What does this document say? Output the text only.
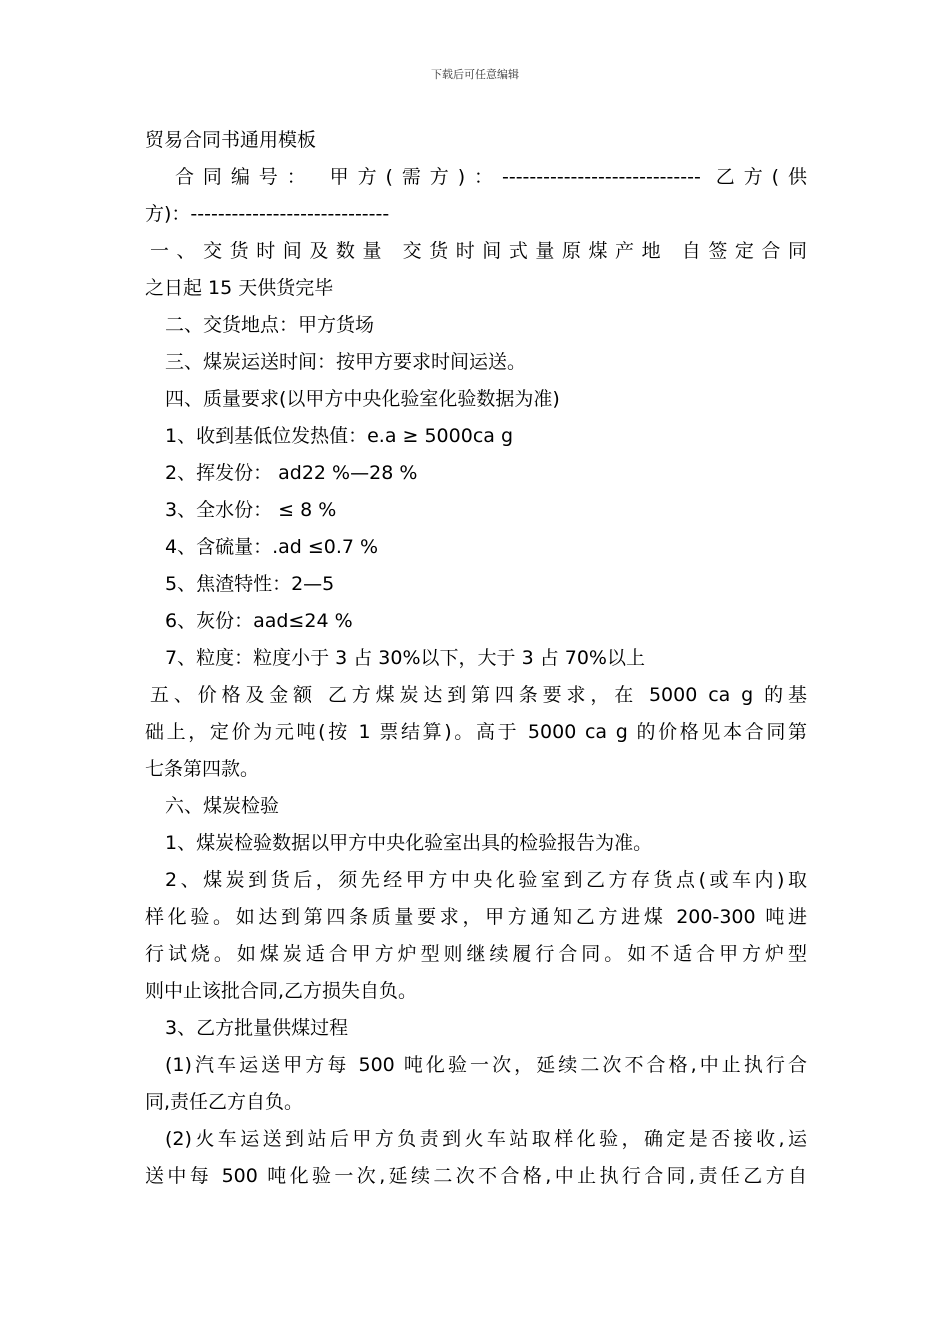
下载后可任意编辑
贸易合同书通用模板
合同编号： 甲方(需方)：----------------------------- 乙方(供
方)：-----------------------------
一、交货时间及数量 交货时间式量原煤产地 自签定合同
之日起 15 天供货完毕
二、交货地点：甲方货场
三、煤炭运送时间：按甲方要求时间运送。
四、质量要求(以甲方中央化验室化验数据为准)
1、收到基低位发热值：e.a ≥ 5000ca g
2、挥发份： ad22 %—28 %
3、全水份： ≤ 8 %
4、含硫量：.ad ≤0.7 %
5、焦渣特性：2—5
6、灰份：aad≤24 %
7、粒度：粒度小于 3 占 30%以下，大于 3 占 70%以上
五、价格及金额 乙方煤炭达到第四条要求，在 5000 ca g 的基
础上，定价为元吨(按 1 票结算)。高于 5000 ca g 的价格见本合同第
七条第四款。
六、煤炭检验
1、煤炭检验数据以甲方中央化验室出具的检验报告为准。
2、煤炭到货后，须先经甲方中央化验室到乙方存货点(或车内)取
样化验。如达到第四条质量要求，甲方通知乙方进煤 200-300 吨进
行试烧。如煤炭适合甲方炉型则继续履行合同。如不适合甲方炉型
则中止该批合同,乙方损失自负。
3、乙方批量供煤过程
(1)汽车运送甲方每 500 吨化验一次，延续二次不合格,中止执行合
同,责任乙方自负。
(2)火车运送到站后甲方负责到火车站取样化验，确定是否接收,运
送中每 500 吨化验一次,延续二次不合格,中止执行合同,责任乙方自
